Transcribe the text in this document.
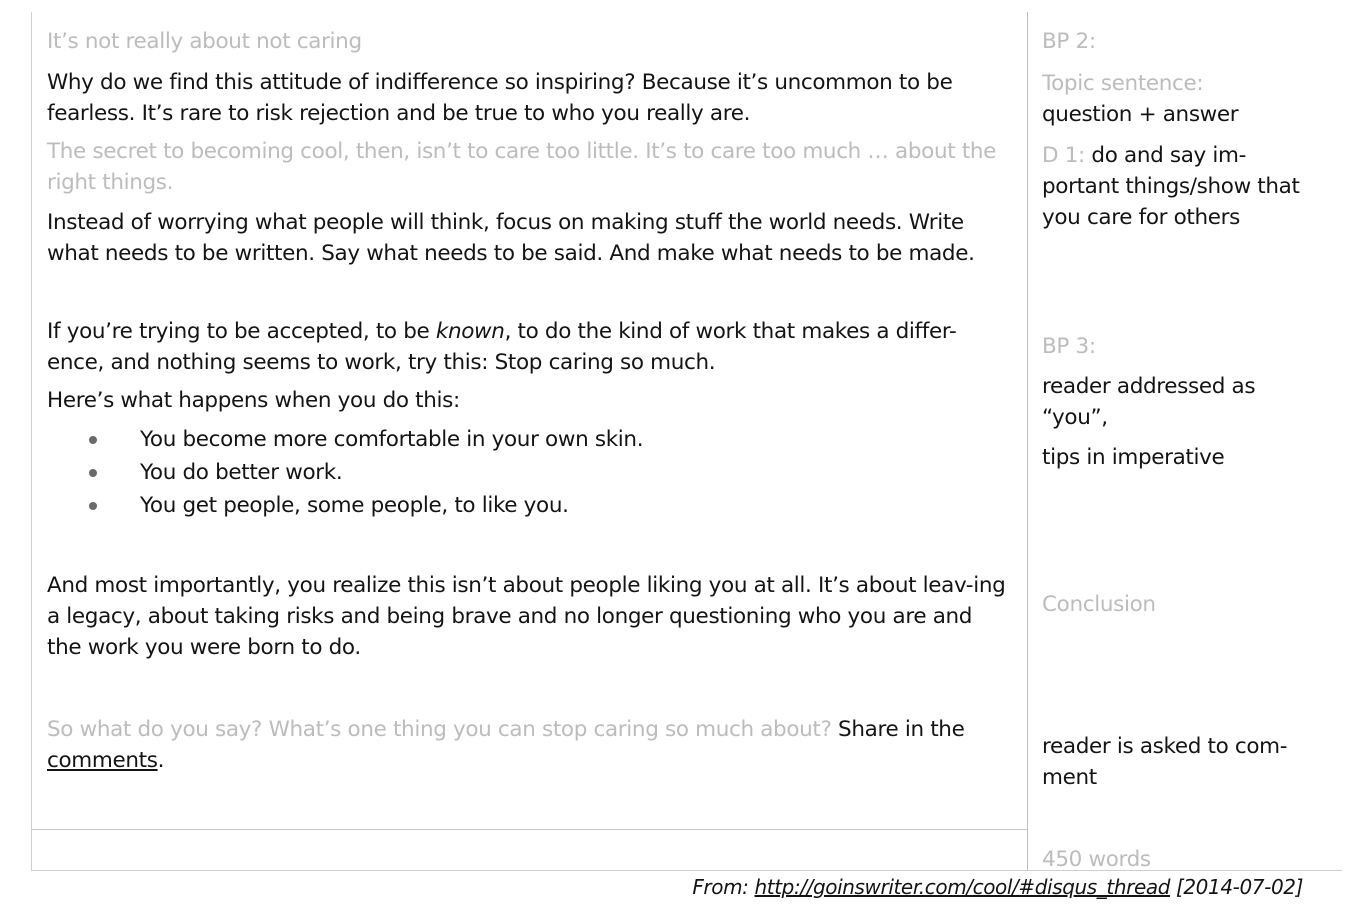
It’s not really about not caring

Why do we find this attitude of indifference so inspiring? Because it’s uncommon to be fearless. It’s rare to risk rejection and be true to who you really are.

The secret to becoming cool, then, isn’t to care too little. It’s to care too much … about the right things.

Instead of worrying what people will think, focus on making stuff the world needs. Write what needs to be written. Say what needs to be said. And make what needs to be made.

If you’re trying to be accepted, to be known, to do the kind of work that makes a differ-ence, and nothing seems to work, try this: Stop caring so much.

Here’s what happens when you do this:

You become more comfortable in your own skin.
You do better work.
You get people, some people, to like you.

And most importantly, you realize this isn’t about people liking you at all. It’s about leav-ing a legacy, about taking risks and being brave and no longer questioning who you are and the work you were born to do.

So what do you say? What’s one thing you can stop caring so much about? Share in the comments.

BP 2:

Topic sentence:

question + answer

D 1: do and say im-portant things/show that you care for others

BP 3:

reader addressed as “you”,

tips in imperative

Conclusion

reader is asked to com-ment

450 words

From: http://goinswriter.com/cool/#disqus_thread [2014-07-02]
